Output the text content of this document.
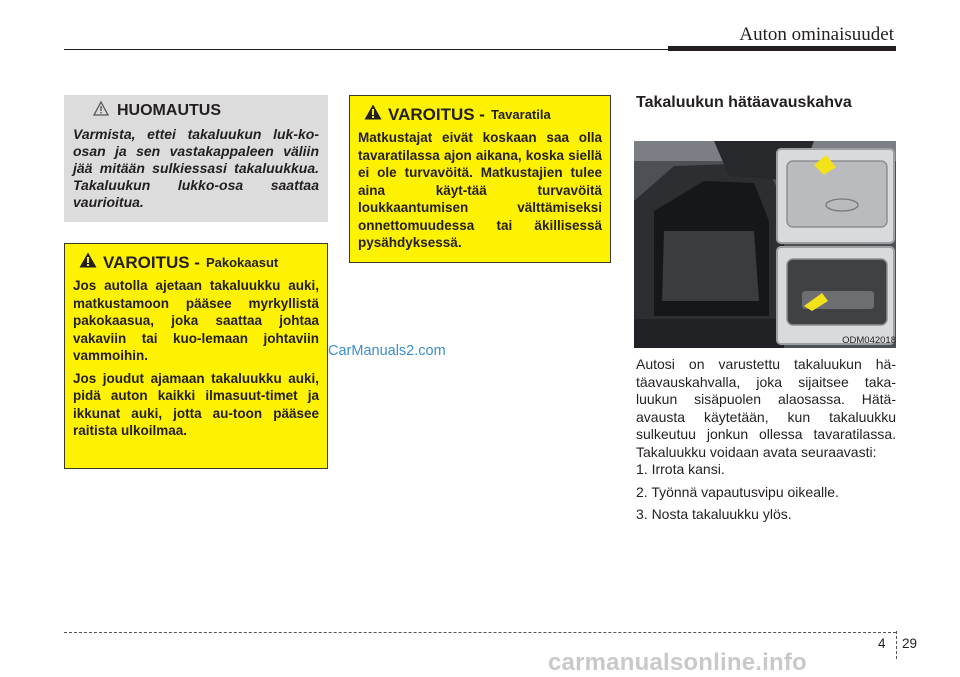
Auton ominaisuudet
HUOMAUTUS
Varmista, ettei takaluukun luk-ko-osan ja sen vastakappaleen väliin jää mitään sulkiessasi takaluukkua. Takaluukun lukko-osa saattaa vaurioitua.
VAROITUS - Pakokaasut

Jos autolla ajetaan takaluukku auki, matkustamoon pääsee myrkyllistä pakokaasua, joka saattaa johtaa vakaviin tai kuo-lemaan johtaviin vammoihin.

Jos joudut ajamaan takaluukku auki, pidä auton kaikki ilmasuut-timet ja ikkunat auki, jotta au-toon pääsee raitista ulkoilmaa.

VAROITUS - Tavaratila
Matkustajat eivät koskaan saa olla tavaratilassa ajon aikana, koska siellä ei ole turvavöitä. Matkustajien tulee aina käyt-tää turvavöitä loukkaantumisen välttämiseksi onnettomuudessa tai äkillisessä pysähdyksessä.
CarManuals2.com
Takaluukun hätäavauskahva
ODM042018

Autosi on varustettu takaluukun hä-täavauskahvalla, joka sijaitsee taka-luukun sisäpuolen alaosassa. Hätä-avausta käytetään, kun takaluukku sulkeutuu jonkun ollessa tavaratilassa. Takaluukku voidaan avata seuraavasti:

1. Irrota kansi.
2. Työnnä vapautusvipu oikealle.
3. Nosta takaluukku ylös.
4 29
carmanualsonline.info
